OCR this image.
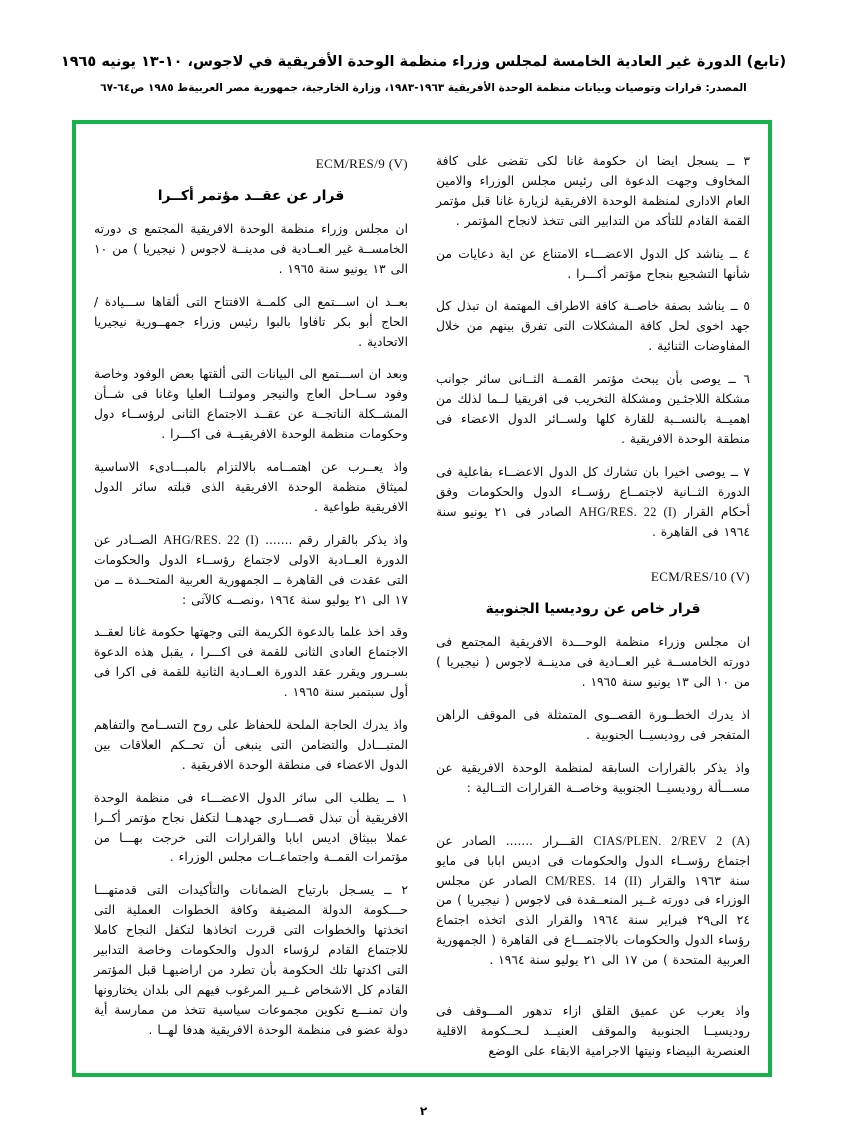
(تابع) الدورة غير العادية الخامسة لمجلس وزراء منظمة الوحدة الأفريقية في لاجوس، ١٠-١٣ يونيه ١٩٦٥
المصدر: ‏قرارات وتوصيات وبيانات منظمة الوحدة الأفريقية ١٩٦٣-١٩٨٣، وزارة الخارجية، جمهورية مصر العربية‏ط ١٩٨٥ ص٦٤-٦٧

٣ ــ يسجل ايضا ان حكومة غانا لكى تقضى على كافة المخاوف وجهت الدعوة الى رئيس مجلس الوزراء والامين العام الادارى لمنظمة الوحدة الافريقية لزيارة غانا قبل مؤتمر القمة القادم للتأكد من التدابير التى تتخذ لانجاح المؤتمر .

٤ ــ يناشد كل الدول الاعضـــاء الامتناع عن اية دعايات من شأنها التشجيع بنجاح مؤتمر أكـــرا .

٥ ــ يناشد بصفة خاصــة كافة الاطراف المهتمة ان تبذل كل جهد اخوى لحل كافة المشكلات التى تفرق بينهم من خلال المفاوضات الثنائية .

٦ ــ يوصى بأن يبحث مؤتمر القمــة الثــانى سائر جوانب مشكلة اللاجئـين ومشكلة التخريب فى افريقيا لــما لذلك من اهميــة بالنســبة للقارة كلها ولســائر الدول الاعضاء فى منطقة الوحدة الافريقية .

٧ ــ يوصى اخيرا بان تشارك كل الدول الاعضــاء بفاعلية فى الدورة الثــانية لاجتمــاع رؤســاء الدول والحكومات وفق أحكام القرار AHG/RES. 22 (I) الصادر فى ٢١ يونيو سنة ١٩٦٤ فى القاهرة .

ECM/RES/10 (V)
قرار خاص عن روديسيا الجنوبية

ان مجلس وزراء منظمة الوحـــدة الافريقية المجتمع فى دورته الخامســة غير العــادية فى مدينــة لاجوس ( نيجيريا ) من ١٠ الى ١٣ يونيو سنة ١٩٦٥ .

اذ يدرك الخطــورة القصــوى المتمثلة فى الموقف الراهن المتفجر فى روديسيــا الجنوبية .

واذ يذكر بالقرارات السابقة لمنظمة الوحدة الافريقية عن مســـألة روديسيــا الجنوبية وخاصــة القرارات التــالية :

CIAS/PLEN. 2/REV 2 (A) القـــرار ....... الصادر عن اجتماع رؤســاء الدول والحكومات فى اديس ابابا فى مايو سنة ١٩٦٣ والقرار CM/RES. 14 (II) الصادر عن مجلس الوزراء فى دورته غــير المنعــقدة فى لاجوس ( نيجيريا ) من ٢٤ الى٢٩ فبراير سنة ١٩٦٤ والقرار الذى اتخذه اجتماع رؤساء الدول والحكومات بالاجتمـــاع فى القاهرة ( الجمهورية العربية المتحدة ) من ١٧ الى ٢١ يوليو سنة ١٩٦٤ .

واذ يعرب عن عميق القلق ازاء تدهور المـــوقف فى روديسيــا الجنوبية والموقف العنيــد لـحــكومة الاقلية العنصرية البيضاء ونيتها الاجرامية الابقاء على الوضع

ECM/RES/9 (V)
قرار عن عقــد مؤتمر أكــرا

ان مجلس وزراء منظمة الوحدة الافريقية المجتمع ى دورته الخامســة غير العــادية فى مدينــة لاجوس ( نيجيريا ) من ١٠ الى ١٣ يونيو سنة ١٩٦٥ .

بعــد ان اســـتمع الى كلمــة الافتتاح التى ألقاها ســـيادة / الحاج أبو بكر تافاوا بالبوا رئيس وزراء جمهــورية نيجيريا الاتحادية .

وبعد ان اســـتمع الى البيانات التى ألقتها بعض الوفود وخاصة وفود ســاحل العاج والنيجر ومولتــا العليا وغانا فى شــأن المشــكلة الناتجــة عن عقــد الاجتماع الثانى لرؤســاء دول وحكومات منظمة الوحدة الافريقيــة فى اكـــرا .

واذ يعــرب عن اهتمــامه بالالتزام بالمبـــادىء الاساسية لميثاق منظمة الوحدة الافريقية الذى قبلته سائر الدول الافريقية طواعية .

واذ يذكر بالقرار رقم ....... AHG/RES. 22 (I) الصــادر عن الدورة العــادية الاولى لاجتماع رؤســاء الدول والحكومات التى عقدت فى القاهرة ــ الجمهورية العربية المتحــدة ــ من ١٧ الى ٢١ يوليو سنة ١٩٦٤ ،ونصــه كالآتى :

وقد اخذ علما بالدعوة الكريمة التى وجهتها حكومة غانا لعقــد الاجتماع العادى الثانى للقمة فى اكـــرا ، يقبل هذه الدعوة بسـرور ويقرر عقد الدورة العــادية الثانية للقمة فى اكرا فى أول سبتمبر سنة ١٩٦٥ .

واذ يدرك الحاجة الملحة للحفاظ على روح التســامح والتفاهم المتبـــادل والتضامن التى ينبغى أن تحــكم العلاقات بين الدول الاعضاء فى منطقة الوحدة الافريقية .

١ ــ يطلب الى سائر الدول الاعضـــاء فى منظمة الوحدة الافريقية أن تبذل قصـــارى جهدهــا لتكفل نجاح مؤتمر أكــرا عملا ببيثاق اديس ابابا والقرارات التى خرجت بهـــا من مؤتمرات القمــة واجتماعــات مجلس الوزراء .

٢ ــ يسـجل بارتياح الضمانات والتأكيدات التى قدمتهـــا حـــكومة الدولة المضيفة وكافة الخطوات العملية التى اتخذتها والخطوات التى قررت اتخاذها لتكفل النجاح كاملا للاجتماع القادم لرؤساء الدول والحكومات وخاصة التدابير التى اكدتها تلك الحكومة بأن تطرد من اراضيهـا قبل المؤتمر القادم كل الاشخاص غــير المرغوب فيهم الى بلدان يختارونها وان تمنـــع تكوين مجموعات سياسية تتخذ من ممارسة أية دولة عضو فى منظمة الوحدة الافريقية هدفا لهــا .

٢
